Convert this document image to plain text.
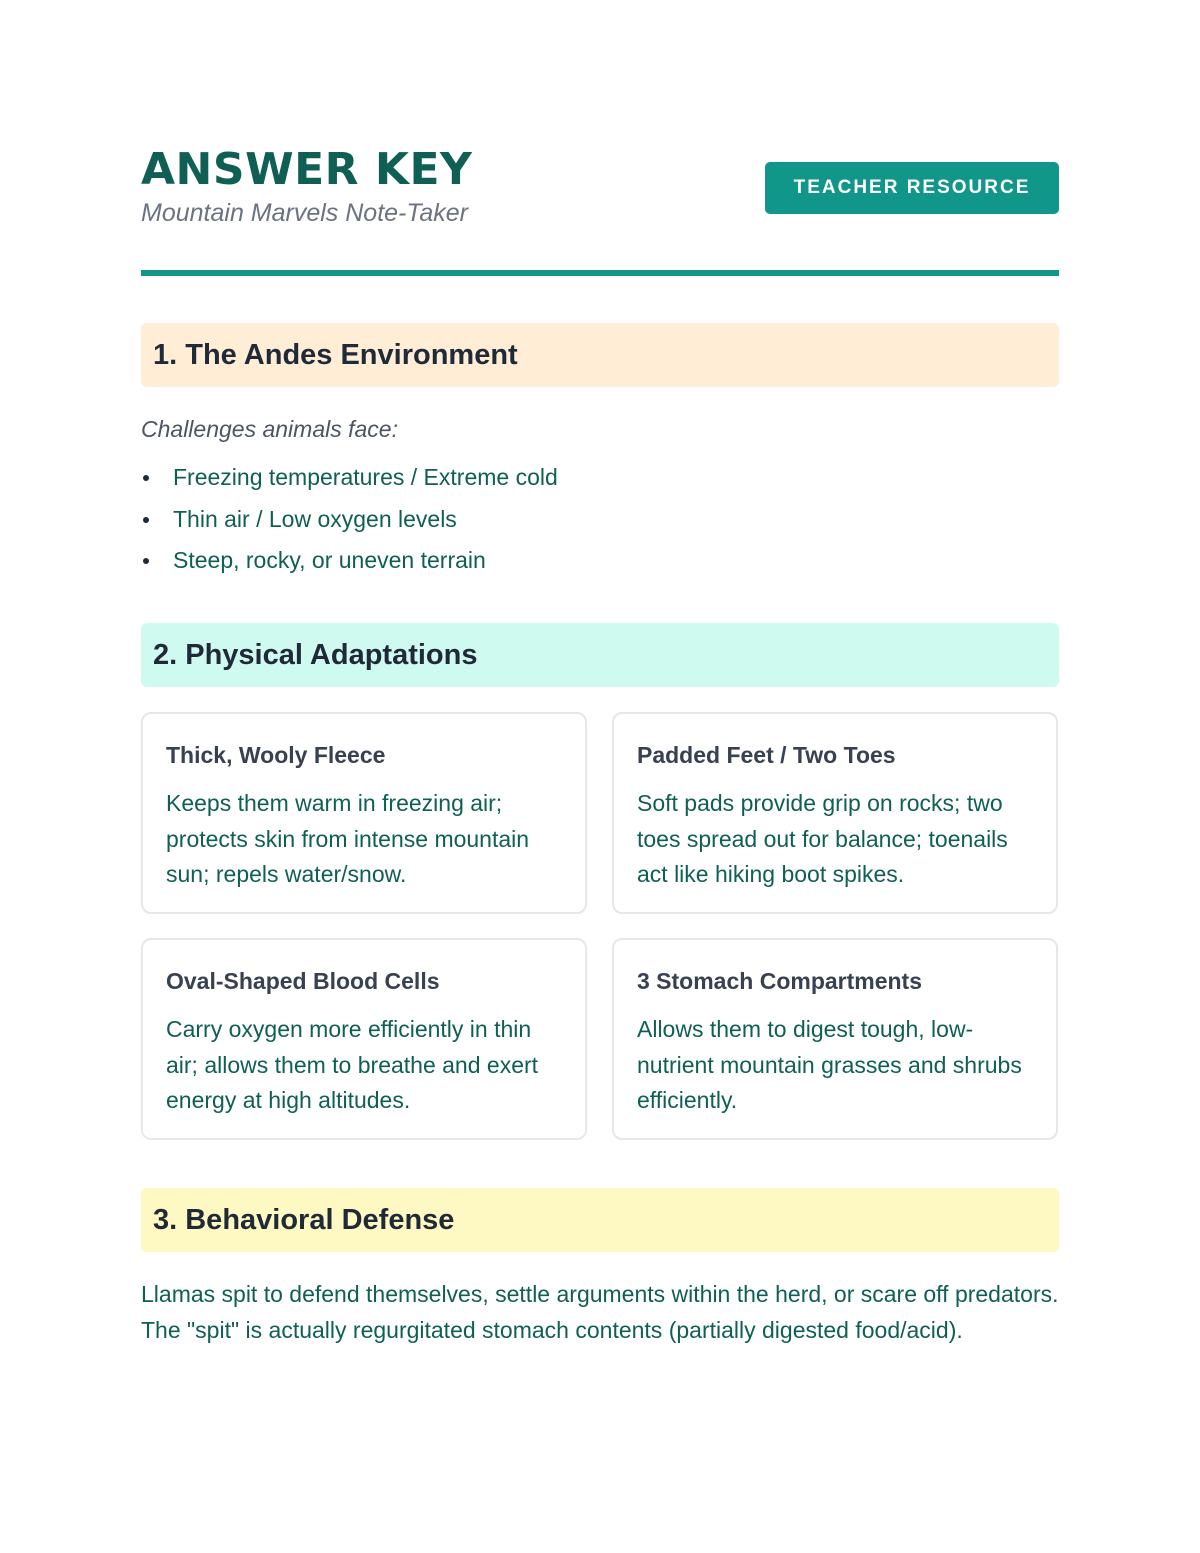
ANSWER KEY

Mountain Marvels Note-Taker

TEACHER RESOURCE
1. The Andes Environment
Challenges animals face:
Freezing temperatures / Extreme cold
Thin air / Low oxygen levels
Steep, rocky, or uneven terrain
2. Physical Adaptations
Thick, Wooly Fleece
Keeps them warm in freezing air; protects skin from intense mountain sun; repels water/snow.
Padded Feet / Two Toes
Soft pads provide grip on rocks; two toes spread out for balance; toenails act like hiking boot spikes.
Oval-Shaped Blood Cells
Carry oxygen more efficiently in thin air; allows them to breathe and exert energy at high altitudes.
3 Stomach Compartments
Allows them to digest tough, low-nutrient mountain grasses and shrubs efficiently.
3. Behavioral Defense
Llamas spit to defend themselves, settle arguments within the herd, or scare off predators. The "spit" is actually regurgitated stomach contents (partially digested food/acid).
